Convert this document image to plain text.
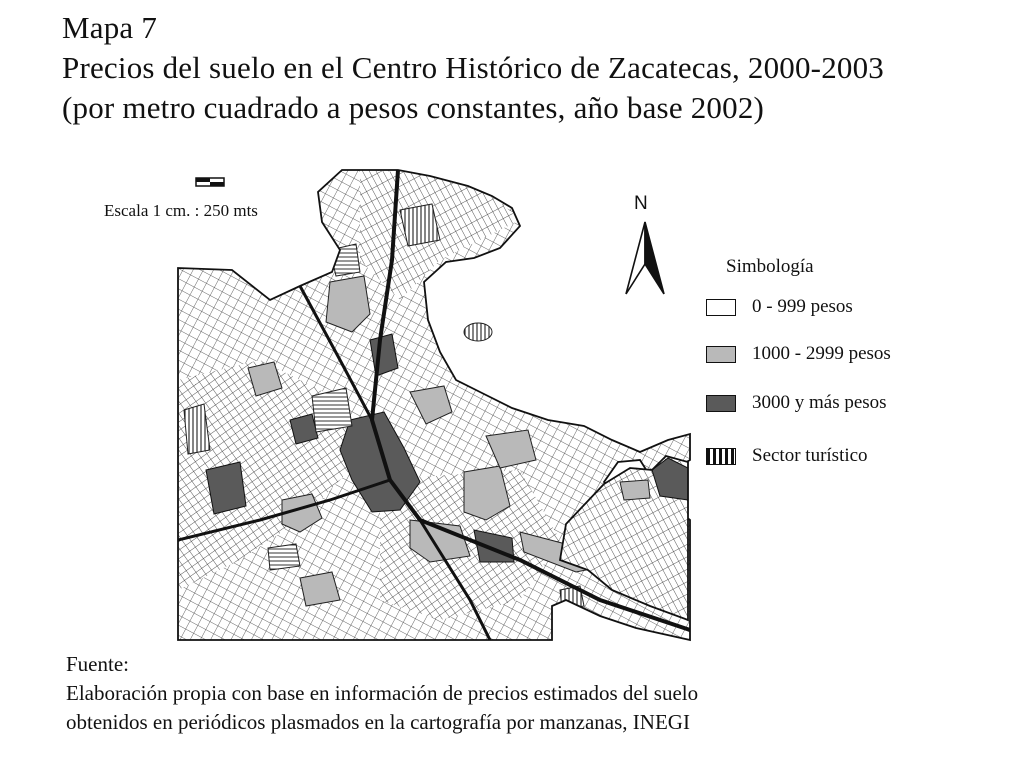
Mapa 7
Precios del suelo en el Centro Histórico de Zacatecas, 2000-2003
(por metro cuadrado a pesos constantes, año base 2002)
Escala 1 cm. : 250 mts	N
Simbología
0 - 999 pesos
1000 - 2999 pesos
3000 y más pesos
Sector turístico
Fuente:
Elaboración propia con base en información de precios estimados del suelo
obtenidos en periódicos plasmados en la cartografía por manzanas, INEGI
